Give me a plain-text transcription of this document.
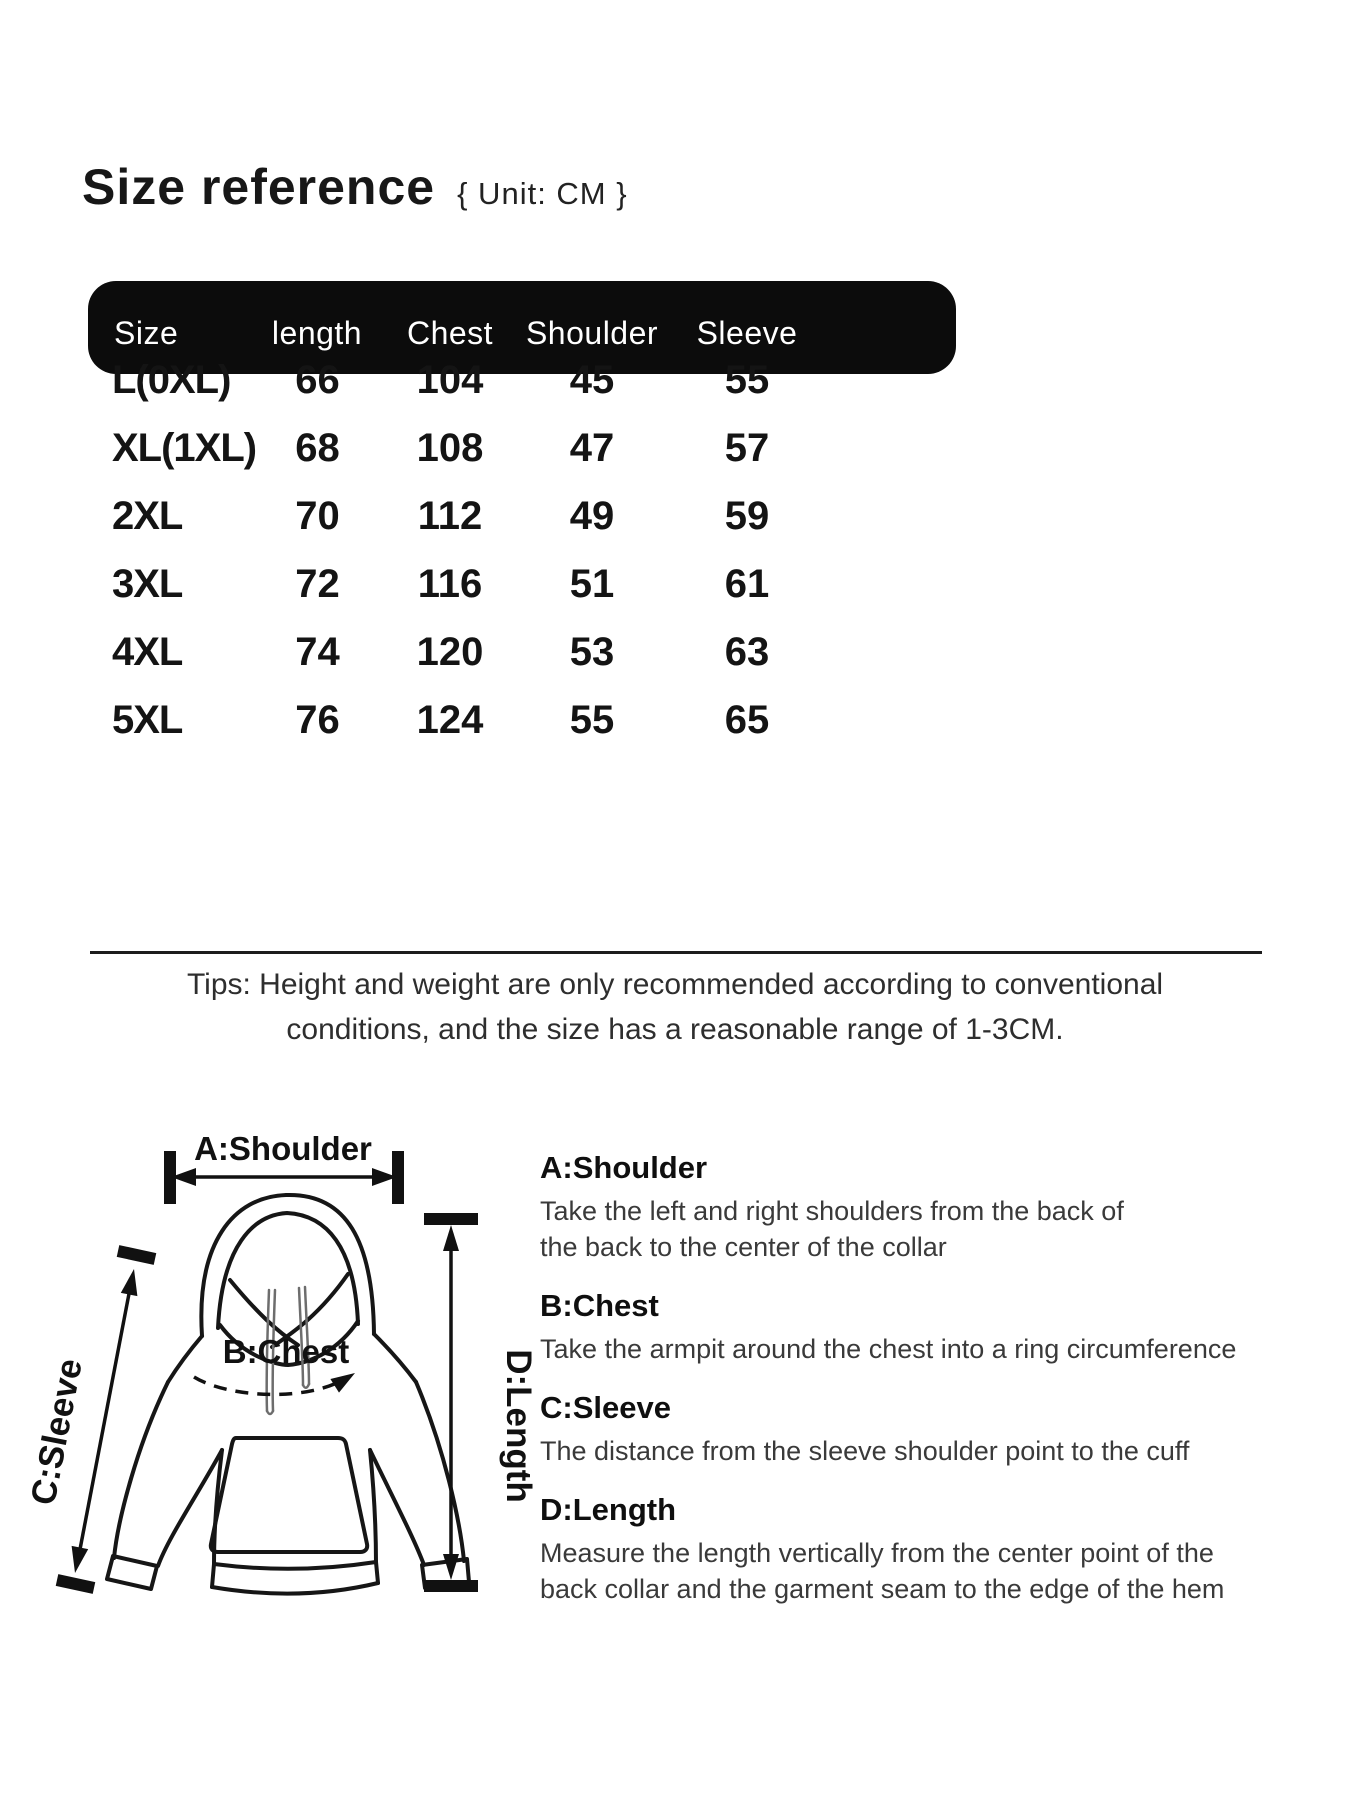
Size reference { Unit: CM }
Size	length	Chest	Shoulder	Sleeve
L(0XL)	66	104	45	55
XL(1XL) 68	108	47	57
2XL	70	112	49	59
3XL	72	116	51	61
4XL	74	120	53	63
5XL	76	124	55	65
Tips: Height and weight are only recommended according to conventional
conditions, and the size has a reasonable range of 1-3CM.
A:Shoulder
B:Chest
C:Sleeve	D:Length
A:Shoulder
Take the left and right shoulders from the back of
the back to the center of the collar
B:Chest
Take the armpit around the chest into a ring circumference
C:Sleeve
The distance from the sleeve shoulder point to the cuff
D:Length
Measure the length vertically from the center point of the
back collar and the garment seam to the edge of the hem
